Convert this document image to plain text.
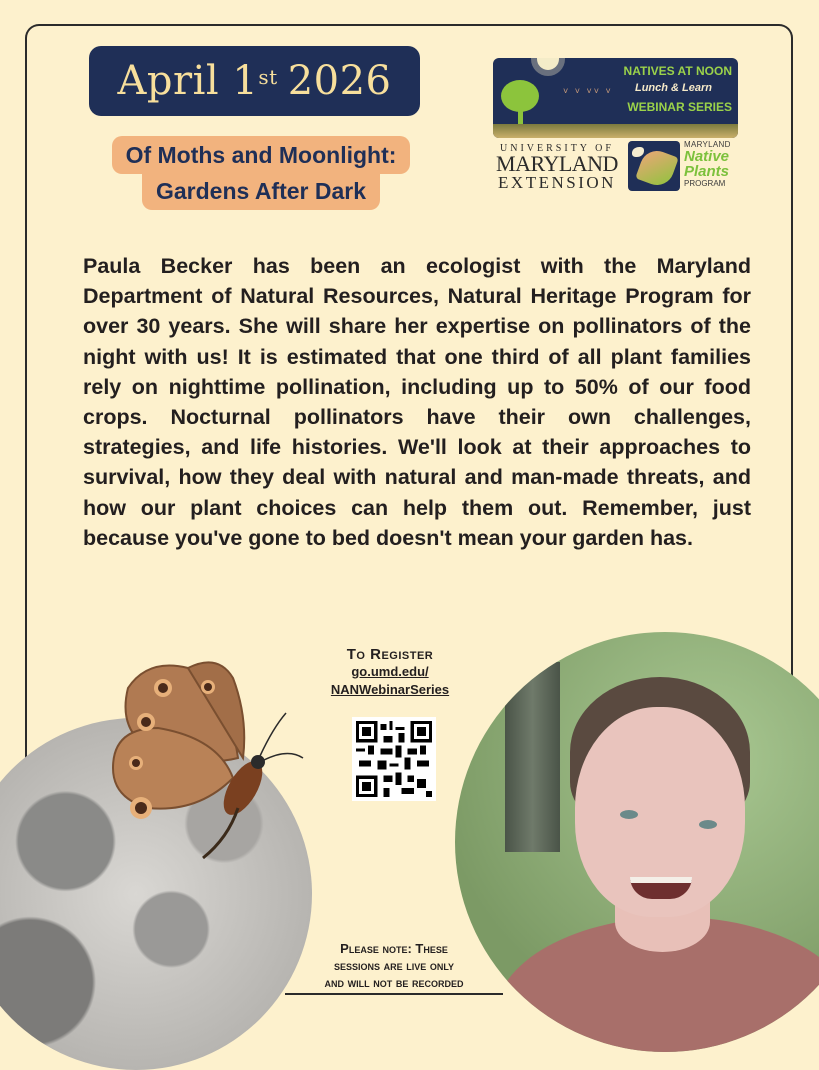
April 1st 2026
Of Moths and Moonlight:
Gardens After Dark
˅ ˅ ˅˅ ˅
NATIVES AT NOON
Lunch & Learn
WEBINAR SERIES
UNIVERSITY OF
MARYLAND
EXTENSION
MARYLAND
Native
Plants
PROGRAM

Paula Becker has been an ecologist with the Maryland Department of Natural Resources, Natural Heritage Program for over 30 years. She will share her expertise on pollinators of the night with us! It is estimated that one third of all plant families rely on nighttime pollination, including up to 50% of our food crops. Nocturnal pollinators have their own challenges, strategies, and life histories. We'll look at their approaches to survival, how they deal with natural and man-made threats, and how our plant choices can help them out. Remember, just because you've gone to bed doesn't mean your garden has.

To Register
go.umd.edu/
NANWebinarSeries
Please note: These
sessions are live only
and will not be recorded
